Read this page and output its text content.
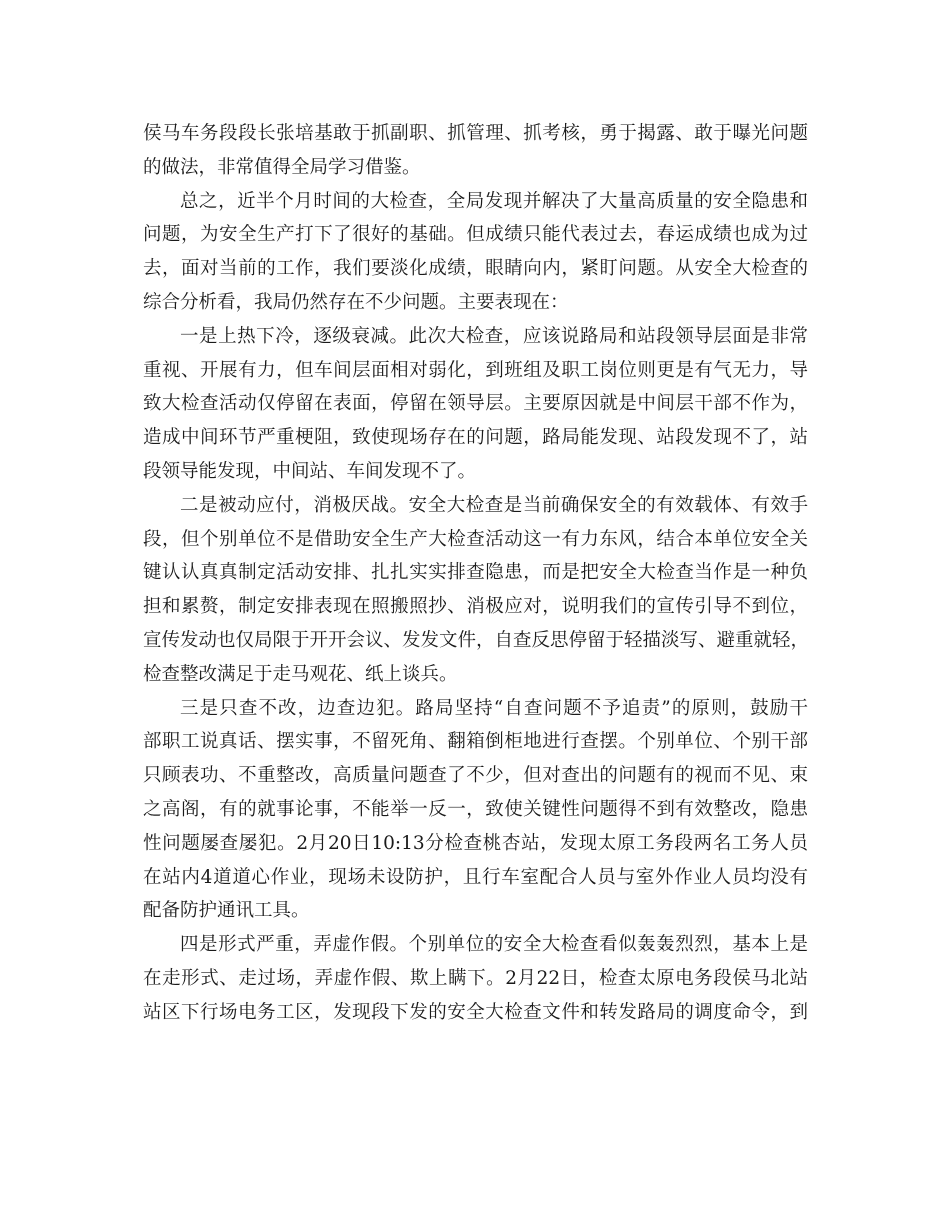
侯马车务段段长张培基敢于抓副职、抓管理、抓考核，勇于揭露、敢于曝光问题
的做法，非常值得全局学习借鉴。
总之，近半个月时间的大检查，全局发现并解决了大量高质量的安全隐患和
问题，为安全生产打下了很好的基础。但成绩只能代表过去，春运成绩也成为过
去，面对当前的工作，我们要淡化成绩，眼睛向内，紧盯问题。从安全大检查的
综合分析看，我局仍然存在不少问题。主要表现在：
一是上热下冷，逐级衰减。此次大检查，应该说路局和站段领导层面是非常
重视、开展有力，但车间层面相对弱化，到班组及职工岗位则更是有气无力，导
致大检查活动仅停留在表面，停留在领导层。主要原因就是中间层干部不作为，
造成中间环节严重梗阻，致使现场存在的问题，路局能发现、站段发现不了，站
段领导能发现，中间站、车间发现不了。
二是被动应付，消极厌战。安全大检查是当前确保安全的有效载体、有效手
段，但个别单位不是借助安全生产大检查活动这一有力东风，结合本单位安全关
键认认真真制定活动安排、扎扎实实排查隐患，而是把安全大检查当作是一种负
担和累赘，制定安排表现在照搬照抄、消极应对，说明我们的宣传引导不到位，
宣传发动也仅局限于开开会议、发发文件，自查反思停留于轻描淡写、避重就轻，
检查整改满足于走马观花、纸上谈兵。
三是只查不改，边查边犯。路局坚持“自查问题不予追责”的原则，鼓励干
部职工说真话、摆实事，不留死角、翻箱倒柜地进行查摆。个别单位、个别干部
只顾表功、不重整改，高质量问题查了不少，但对查出的问题有的视而不见、束
之高阁，有的就事论事，不能举一反一，致使关键性问题得不到有效整改，隐患
性问题屡查屡犯。2月20日10:13分检查桃杏站，发现太原工务段两名工务人员
在站内4道道心作业，现场未设防护，且行车室配合人员与室外作业人员均没有
配备防护通讯工具。
四是形式严重，弄虚作假。个别单位的安全大检查看似轰轰烈烈，基本上是
在走形式、走过场，弄虚作假、欺上瞒下。2月22日，检查太原电务段侯马北站
站区下行场电务工区，发现段下发的安全大检查文件和转发路局的调度命令，到
